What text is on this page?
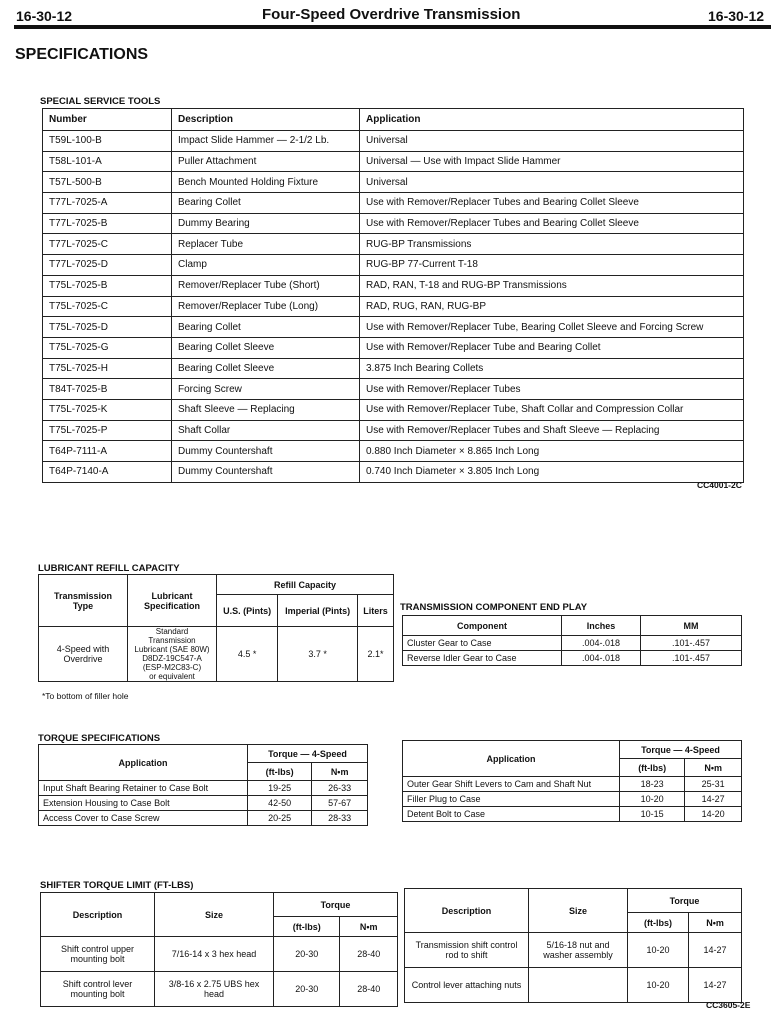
16-30-12	Four-Speed Overdrive Transmission	16-30-12
SPECIFICATIONS
SPECIAL SERVICE TOOLS
Number	Description	Application
T59L-100-B	Impact Slide Hammer — 2-1/2 Lb.	Universal
T58L-101-A	Puller Attachment	Universal — Use with Impact Slide Hammer
T57L-500-B	Bench Mounted Holding Fixture	Universal
T77L-7025-A	Bearing Collet	Use with Remover/Replacer Tubes and Bearing Collet Sleeve
T77L-7025-B	Dummy Bearing	Use with Remover/Replacer Tubes and Bearing Collet Sleeve
T77L-7025-C	Replacer Tube	RUG-BP Transmissions
T77L-7025-D	Clamp	RUG-BP 77-Current T-18
T75L-7025-B	Remover/Replacer Tube (Short)	RAD, RAN, T-18 and RUG-BP Transmissions
T75L-7025-C	Remover/Replacer Tube (Long)	RAD, RUG, RAN, RUG-BP
T75L-7025-D	Bearing Collet	Use with Remover/Replacer Tube, Bearing Collet Sleeve and Forcing Screw
T75L-7025-G	Bearing Collet Sleeve	Use with Remover/Replacer Tube and Bearing Collet
T75L-7025-H	Bearing Collet Sleeve	3.875 Inch Bearing Collets
T84T-7025-B	Forcing Screw	Use with Remover/Replacer Tubes
T75L-7025-K	Shaft Sleeve — Replacing	Use with Remover/Replacer Tube, Shaft Collar and Compression Collar
T75L-7025-P	Shaft Collar	Use with Remover/Replacer Tubes and Shaft Sleeve — Replacing
T64P-7111-A	Dummy Countershaft	0.880 Inch Diameter × 8.865 Inch Long
T64P-7140-A	Dummy Countershaft	0.740 Inch Diameter × 3.805 Inch Long
CC4001-2C
LUBRICANT REFILL CAPACITY
Transmission Type	Lubricant Specification	Refill Capacity		
		U.S. (Pints)	Imperial (Pints)	Liters
4-Speed with Overdrive	Standard Transmission
Lubricant (SAE 80W)
D8DZ-19C547-A
(ESP-M2C83-C)
or equivalent	4.5 *	3.7 *	2.1*
*To bottom of filler hole
TRANSMISSION COMPONENT END PLAY
Component	Inches	MM
Cluster Gear to Case	.004-.018	.101-.457
Reverse Idler Gear to Case	.004-.018	.101-.457
TORQUE SPECIFICATIONS
Application	Torque — 4-Speed	
	(ft-lbs)	N•m
Input Shaft Bearing Retainer to Case Bolt	19-25	26-33
Extension Housing to Case Bolt	42-50	57-67
Access Cover to Case Screw	20-25	28-33
Application	Torque — 4-Speed	
	(ft-lbs)	N•m
Outer Gear Shift Levers to Cam and Shaft Nut	18-23	25-31
Filler Plug to Case	10-20	14-27
Detent Bolt to Case	10-15	14-20
SHIFTER TORQUE LIMIT (FT-LBS)
Description	Size	Torque	
		(ft-lbs)	N•m
Shift control upper mounting bolt	7/16-14 x 3 hex head	20-30	28-40
Shift control lever mounting bolt	3/8-16 x 2.75 UBS hex head	20-30	28-40
Description	Size	Torque	
		(ft-lbs)	N•m
Transmission shift control rod to shift	5/16-18 nut and washer assembly	10-20	14-27
Control lever attaching nuts		10-20	14-27
CC3605-2E
